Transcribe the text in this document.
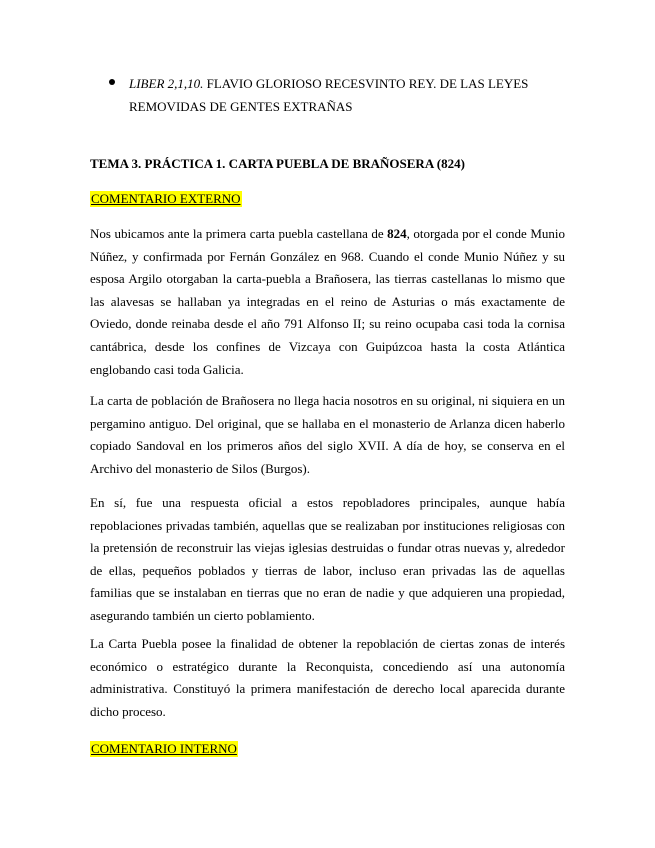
LIBER 2,1,10. FLAVIO GLORIOSO RECESVINTO REY. DE LAS LEYES
REMOVIDAS DE GENTES EXTRAÑAS
TEMA 3. PRÁCTICA 1. CARTA PUEBLA DE BRAÑOSERA (824)
COMENTARIO EXTERNO
Nos ubicamos ante la primera carta puebla castellana de 824, otorgada por el conde Munio Núñez, y confirmada por Fernán González en 968. Cuando el conde Munio Núñez y su esposa Argilo otorgaban la carta-puebla a Brañosera, las tierras castellanas lo mismo que las alavesas se hallaban ya integradas en el reino de Asturias o más exactamente de Oviedo, donde reinaba desde el año 791 Alfonso II; su reino ocupaba casi toda la cornisa cantábrica, desde los confines de Vizcaya con Guipúzcoa hasta la costa Atlántica englobando casi toda Galicia.
La carta de población de Brañosera no llega hacia nosotros en su original, ni siquiera en un pergamino antiguo. Del original, que se hallaba en el monasterio de Arlanza dicen haberlo copiado Sandoval en los primeros años del siglo XVII. A día de hoy, se conserva en el Archivo del monasterio de Silos (Burgos).
En sí, fue una respuesta oficial a estos repobladores principales, aunque había repoblaciones privadas también, aquellas que se realizaban por instituciones religiosas con la pretensión de reconstruir las viejas iglesias destruidas o fundar otras nuevas y, alrededor de ellas, pequeños poblados y tierras de labor, incluso eran privadas las de aquellas familias que se instalaban en tierras que no eran de nadie y que adquieren una propiedad, asegurando también un cierto poblamiento.
La Carta Puebla posee la finalidad de obtener la repoblación de ciertas zonas de interés económico o estratégico durante la Reconquista, concediendo así una autonomía administrativa. Constituyó la primera manifestación de derecho local aparecida durante dicho proceso.
COMENTARIO INTERNO
